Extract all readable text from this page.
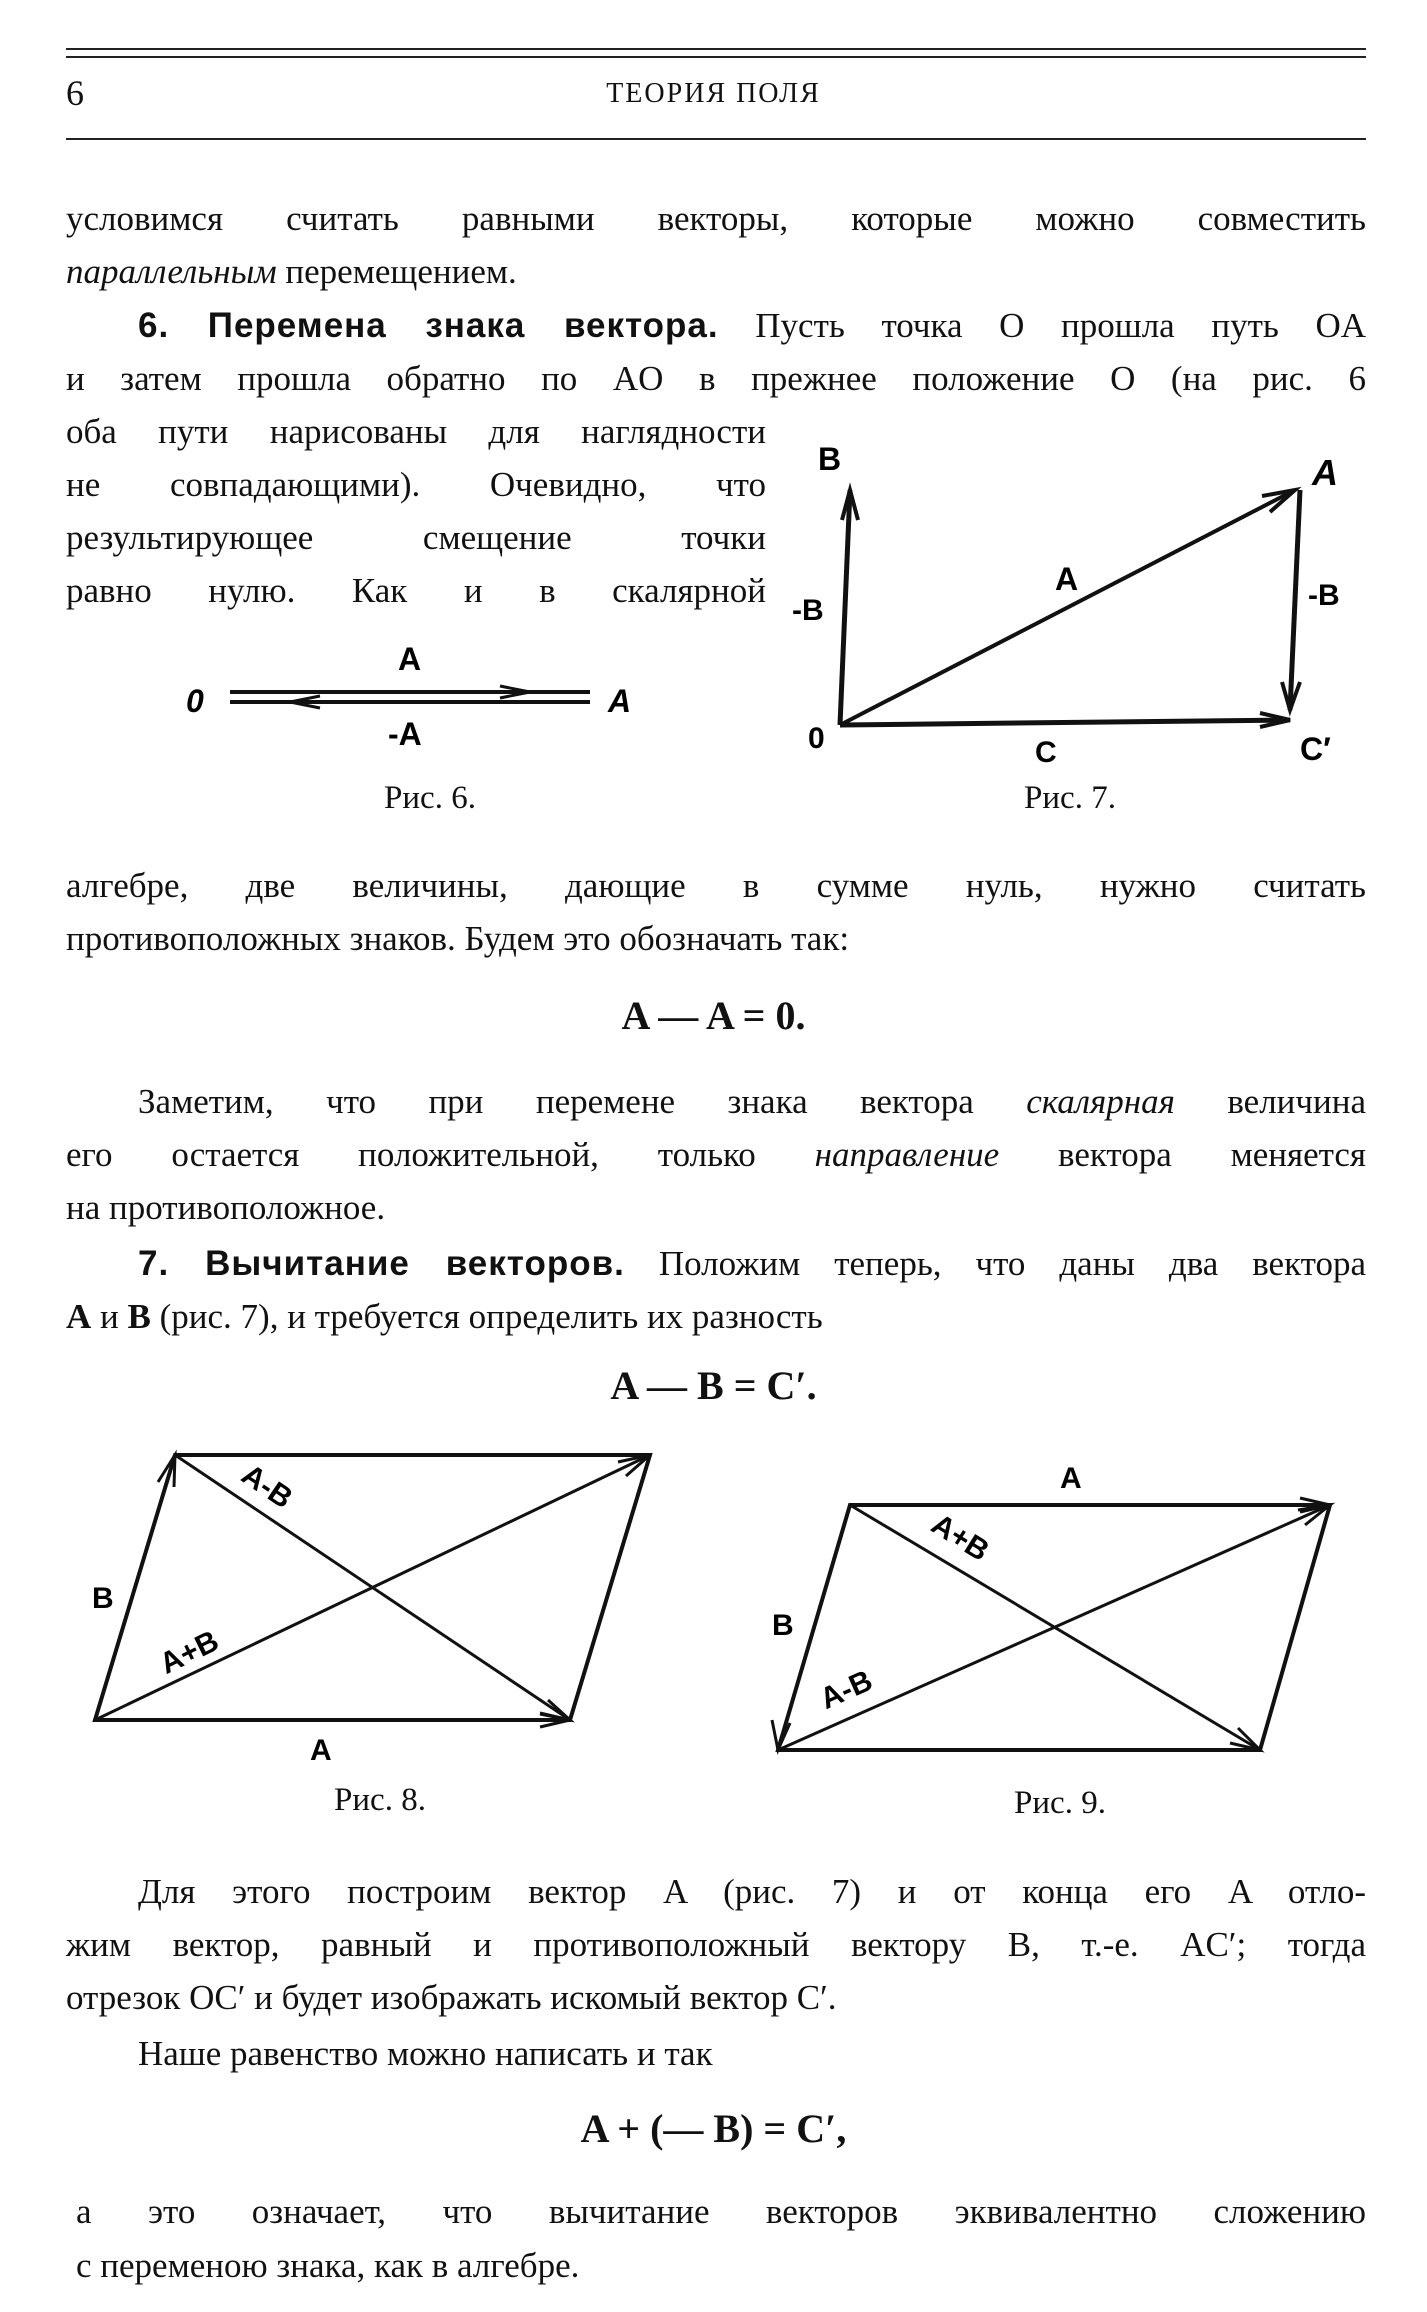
6	ТЕОРИЯ ПОЛЯ
условимся считать равными векторы, которые можно совместить
параллельным перемещением.
6. Перемена знака вектора. Пусть точка O прошла путь OA
и затем прошла обратно по AO в прежнее положение O (на рис. 6
оба пути нарисованы для наглядности
не совпадающими). Очевидно, что
результирующее смещение точки
равно нулю. Как и в скалярной
0	A
A
-A
Рис. 6.
B
-B
A
A
-B
0	C	C′
Рис. 7.
алгебре, две величины, дающие в сумме нуль, нужно считать
противоположных знаков. Будем это обозначать так:
A — A = 0.
Заметим, что при перемене знака вектора скалярная величина
его остается положительной, только направление вектора меняется
на противоположное.
7. Вычитание векторов. Положим теперь, что даны два вектора
A и B (рис. 7), и требуется определить их разность
A — B = C′.
B
A
A-B
A+B
Рис. 8.
A
B
A+B
A-B
Рис. 9.
Для этого построим вектор A (рис. 7) и от конца его A отло-
жим вектор, равный и противоположный вектору B, т.-е. AC′; тогда
отрезок OC′ и будет изображать искомый вектор C′.
Наше равенство можно написать и так
A + (— B) = C′,
а это означает, что вычитание векторов эквивалентно сложению
с переменою знака, как в алгебре.
